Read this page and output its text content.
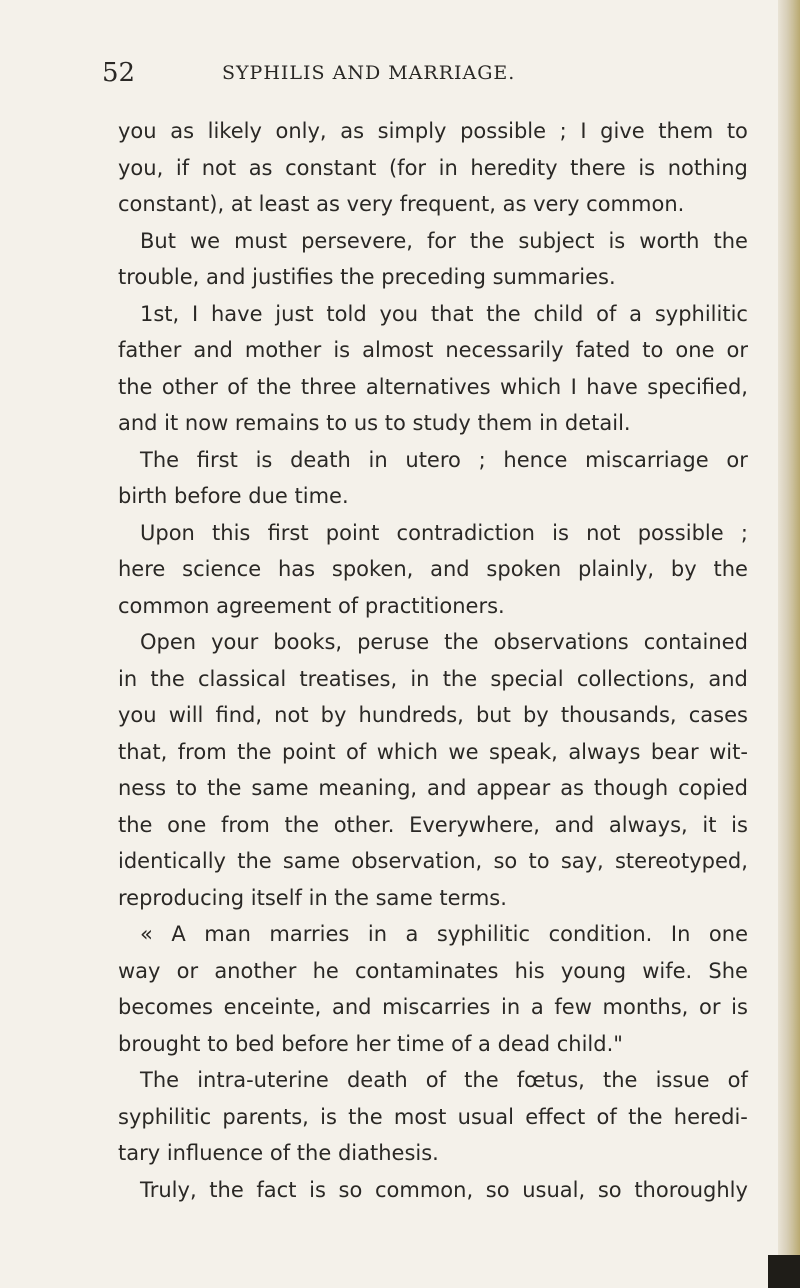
52	SYPHILIS AND MARRIAGE.
you as likely only, as simply possible ; I give them to
you, if not as constant (for in heredity there is nothing
constant), at least as very frequent, as very common.
But we must persevere, for the subject is worth the
trouble, and justifies the preceding summaries.
1st, I have just told you that the child of a syphilitic
father and mother is almost necessarily fated to one or
the other of the three alternatives which I have specified,
and it now remains to us to study them in detail.
The first is death in utero ; hence miscarriage or
birth before due time.
Upon this first point contradiction is not possible ;
here science has spoken, and spoken plainly, by the
common agreement of practitioners.
Open your books, peruse the observations contained
in the classical treatises, in the special collections, and
you will find, not by hundreds, but by thousands, cases
that, from the point of which we speak, always bear wit-
ness to the same meaning, and appear as though copied
the one from the other. Everywhere, and always, it is
identically the same observation, so to say, stereotyped,
reproducing itself in the same terms.
« A man marries in a syphilitic condition. In one
way or another he contaminates his young wife. She
becomes enceinte, and miscarries in a few months, or is
brought to bed before her time of a dead child."
The intra-uterine death of the fœtus, the issue of
syphilitic parents, is the most usual effect of the heredi-
tary influence of the diathesis.
Truly, the fact is so common, so usual, so thoroughly
